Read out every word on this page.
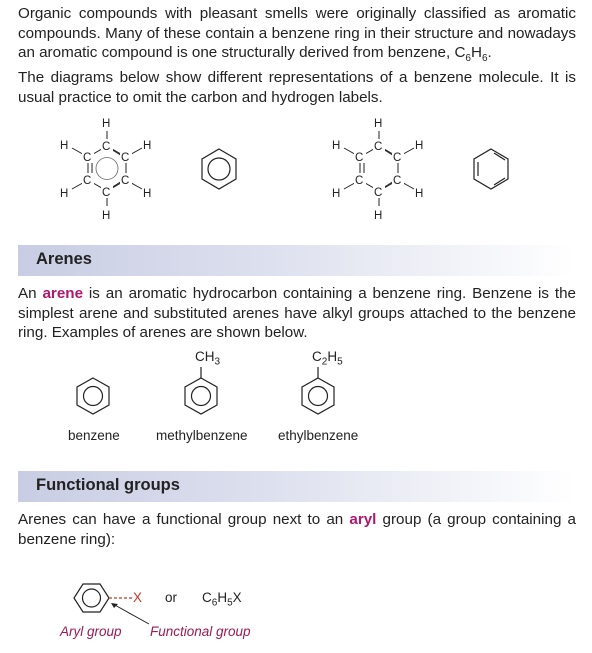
Organic compounds with pleasant smells were originally classified as aromatic compounds. Many of these contain a benzene ring in their structure and nowadays an aromatic compound is one structurally derived from benzene, $C_6H_6$.

The diagrams below show different representations of a benzene molecule. It is usual practice to omit the carbon and hydrogen labels.

C
C
C	C
C	C
H
H
H	H
H	H
C
C
C	C
C	C
H
H
H	H
H	H
Arenes

An arene is an aromatic hydrocarbon containing a benzene ring. Benzene is the simplest arene and substituted arenes have alkyl groups attached to the benzene ring. Examples of arenes are shown below.

$CH_3$	$C_2H_5$
benzene	methylbenzene ethylbenzene
Functional groups

Arenes can have a functional group next to an aryl group (a group containing a benzene ring):

X or $C_6H_5X$
Aryl group Functional group
